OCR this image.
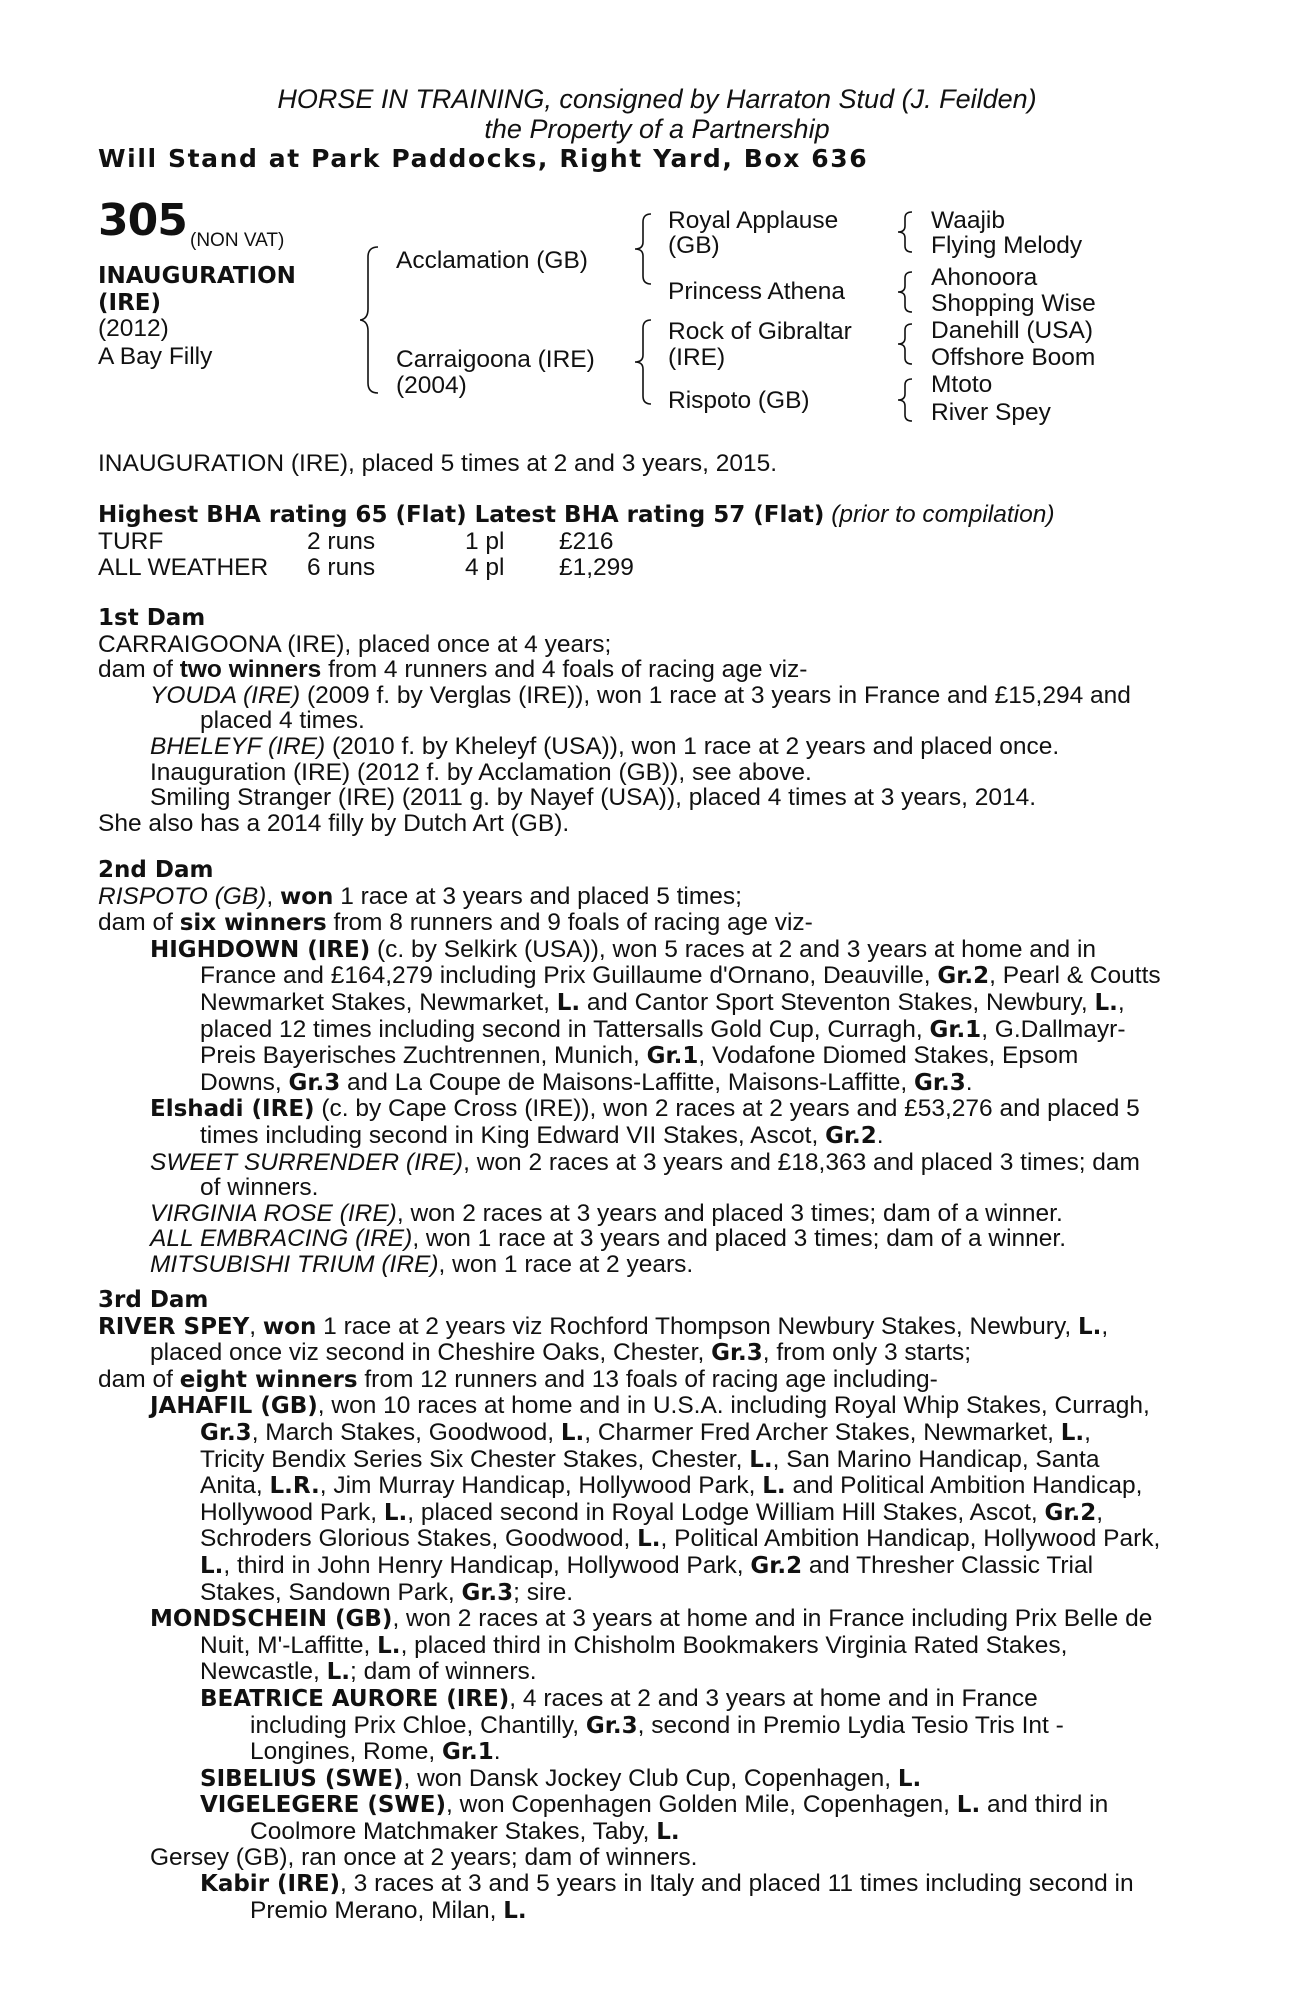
HORSE IN TRAINING, consigned by Harraton Stud (J. Feilden)
the Property of a Partnership
Will Stand at Park Paddocks, Right Yard, Box 636
305 (NON VAT)
INAUGURATION
(IRE)
(2012)
A Bay Filly
Acclamation (GB)
Carraigoona (IRE)
(2004)
Royal Applause
(GB)
Princess Athena
Rock of Gibraltar
(IRE)
Rispoto (GB)
Waajib
Flying Melody
Ahonoora
Shopping Wise
Danehill (USA)
Offshore Boom
Mtoto
River Spey
INAUGURATION (IRE), placed 5 times at 2 and 3 years, 2015.
Highest BHA rating 65 (Flat) Latest BHA rating 57 (Flat) (prior to compilation)
TURF	2 runs	1 pl £216
ALL WEATHER 6 runs	4 pl £1,299

1st Dam

CARRAIGOONA (IRE), placed once at 4 years;

dam of two winners from 4 runners and 4 foals of racing age viz-

YOUDA (IRE) (2009 f. by Verglas (IRE)), won 1 race at 3 years in France and £15,294 and

placed 4 times.

BHELEYF (IRE) (2010 f. by Kheleyf (USA)), won 1 race at 2 years and placed once.

Inauguration (IRE) (2012 f. by Acclamation (GB)), see above.

Smiling Stranger (IRE) (2011 g. by Nayef (USA)), placed 4 times at 3 years, 2014.

She also has a 2014 filly by Dutch Art (GB).

2nd Dam

RISPOTO (GB), won 1 race at 3 years and placed 5 times;

dam of six winners from 8 runners and 9 foals of racing age viz-

HIGHDOWN (IRE) (c. by Selkirk (USA)), won 5 races at 2 and 3 years at home and in

France and £164,279 including Prix Guillaume d'Ornano, Deauville, Gr.2, Pearl & Coutts

Newmarket Stakes, Newmarket, L. and Cantor Sport Steventon Stakes, Newbury, L.,

placed 12 times including second in Tattersalls Gold Cup, Curragh, Gr.1, G.Dallmayr-

Preis Bayerisches Zuchtrennen, Munich, Gr.1, Vodafone Diomed Stakes, Epsom

Downs, Gr.3 and La Coupe de Maisons-Laffitte, Maisons-Laffitte, Gr.3.

Elshadi (IRE) (c. by Cape Cross (IRE)), won 2 races at 2 years and £53,276 and placed 5

times including second in King Edward VII Stakes, Ascot, Gr.2.

SWEET SURRENDER (IRE), won 2 races at 3 years and £18,363 and placed 3 times; dam

of winners.

VIRGINIA ROSE (IRE), won 2 races at 3 years and placed 3 times; dam of a winner.

ALL EMBRACING (IRE), won 1 race at 3 years and placed 3 times; dam of a winner.

MITSUBISHI TRIUM (IRE), won 1 race at 2 years.

3rd Dam

RIVER SPEY, won 1 race at 2 years viz Rochford Thompson Newbury Stakes, Newbury, L.,

placed once viz second in Cheshire Oaks, Chester, Gr.3, from only 3 starts;

dam of eight winners from 12 runners and 13 foals of racing age including-

JAHAFIL (GB), won 10 races at home and in U.S.A. including Royal Whip Stakes, Curragh,

Gr.3, March Stakes, Goodwood, L., Charmer Fred Archer Stakes, Newmarket, L.,

Tricity Bendix Series Six Chester Stakes, Chester, L., San Marino Handicap, Santa

Anita, L.R., Jim Murray Handicap, Hollywood Park, L. and Political Ambition Handicap,

Hollywood Park, L., placed second in Royal Lodge William Hill Stakes, Ascot, Gr.2,

Schroders Glorious Stakes, Goodwood, L., Political Ambition Handicap, Hollywood Park,

L., third in John Henry Handicap, Hollywood Park, Gr.2 and Thresher Classic Trial

Stakes, Sandown Park, Gr.3; sire.

MONDSCHEIN (GB), won 2 races at 3 years at home and in France including Prix Belle de

Nuit, M'-Laffitte, L., placed third in Chisholm Bookmakers Virginia Rated Stakes,

Newcastle, L.; dam of winners.

BEATRICE AURORE (IRE), 4 races at 2 and 3 years at home and in France

including Prix Chloe, Chantilly, Gr.3, second in Premio Lydia Tesio Tris Int -

Longines, Rome, Gr.1.

SIBELIUS (SWE), won Dansk Jockey Club Cup, Copenhagen, L.

VIGELEGERE (SWE), won Copenhagen Golden Mile, Copenhagen, L. and third in

Coolmore Matchmaker Stakes, Taby, L.

Gersey (GB), ran once at 2 years; dam of winners.

Kabir (IRE), 3 races at 3 and 5 years in Italy and placed 11 times including second in

Premio Merano, Milan, L.
